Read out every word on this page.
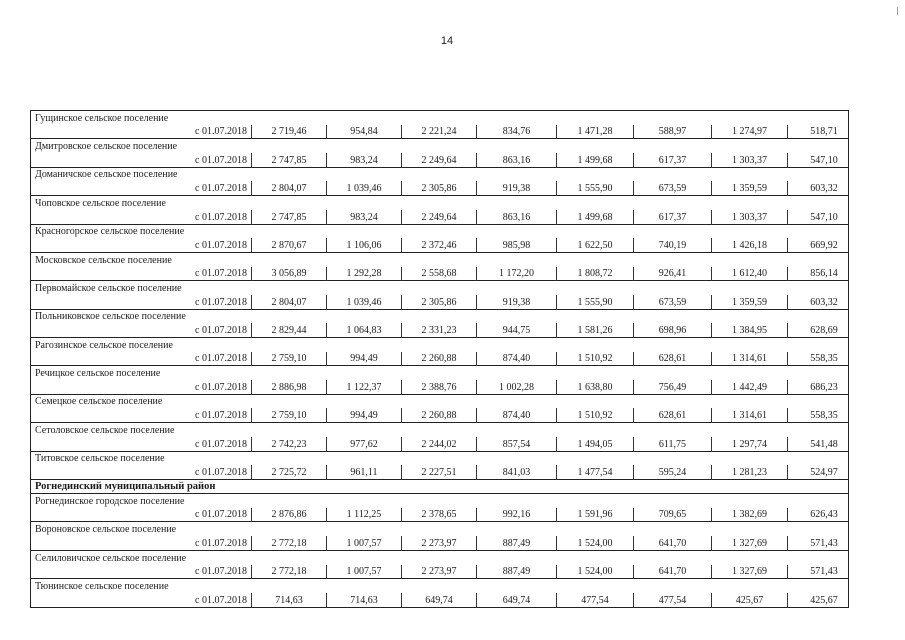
14
Гущинское сельское поселение								
с 01.07.2018	2 719,46	954,84	2 221,24	834,76	1 471,28	588,97	1 274,97	518,71
Дмитровское сельское поселение								
с 01.07.2018	2 747,85	983,24	2 249,64	863,16	1 499,68	617,37	1 303,37	547,10
Доманичское сельское поселение								
с 01.07.2018	2 804,07	1 039,46	2 305,86	919,38	1 555,90	673,59	1 359,59	603,32
Чоповское сельское поселение								
с 01.07.2018	2 747,85	983,24	2 249,64	863,16	1 499,68	617,37	1 303,37	547,10
Красногорское сельское поселение								
с 01.07.2018	2 870,67	1 106,06	2 372,46	985,98	1 622,50	740,19	1 426,18	669,92
Московское сельское поселение								
с 01.07.2018	3 056,89	1 292,28	2 558,68	1 172,20	1 808,72	926,41	1 612,40	856,14
Первомайское сельское поселение								
с 01.07.2018	2 804,07	1 039,46	2 305,86	919,38	1 555,90	673,59	1 359,59	603,32
Польниковское сельское поселение								
с 01.07.2018	2 829,44	1 064,83	2 331,23	944,75	1 581,26	698,96	1 384,95	628,69
Рагозинское сельское поселение								
с 01.07.2018	2 759,10	994,49	2 260,88	874,40	1 510,92	628,61	1 314,61	558,35
Речицкое сельское поселение								
с 01.07.2018	2 886,98	1 122,37	2 388,76	1 002,28	1 638,80	756,49	1 442,49	686,23
Семецкое сельское поселение								
с 01.07.2018	2 759,10	994,49	2 260,88	874,40	1 510,92	628,61	1 314,61	558,35
Сетоловское сельское поселение								
с 01.07.2018	2 742,23	977,62	2 244,02	857,54	1 494,05	611,75	1 297,74	541,48
Титовское сельское поселение								
с 01.07.2018	2 725,72	961,11	2 227,51	841,03	1 477,54	595,24	1 281,23	524,97
Рогнединский муниципальный район								
Рогнединское городское поселение								
с 01.07.2018	2 876,86	1 112,25	2 378,65	992,16	1 591,96	709,65	1 382,69	626,43
Вороновское сельское поселение								
с 01.07.2018	2 772,18	1 007,57	2 273,97	887,49	1 524,00	641,70	1 327,69	571,43
Селиловичское сельское поселение								
с 01.07.2018	2 772,18	1 007,57	2 273,97	887,49	1 524,00	641,70	1 327,69	571,43
Тюнинское сельское поселение								
с 01.07.2018	714,63	714,63	649,74	649,74	477,54	477,54	425,67	425,67
